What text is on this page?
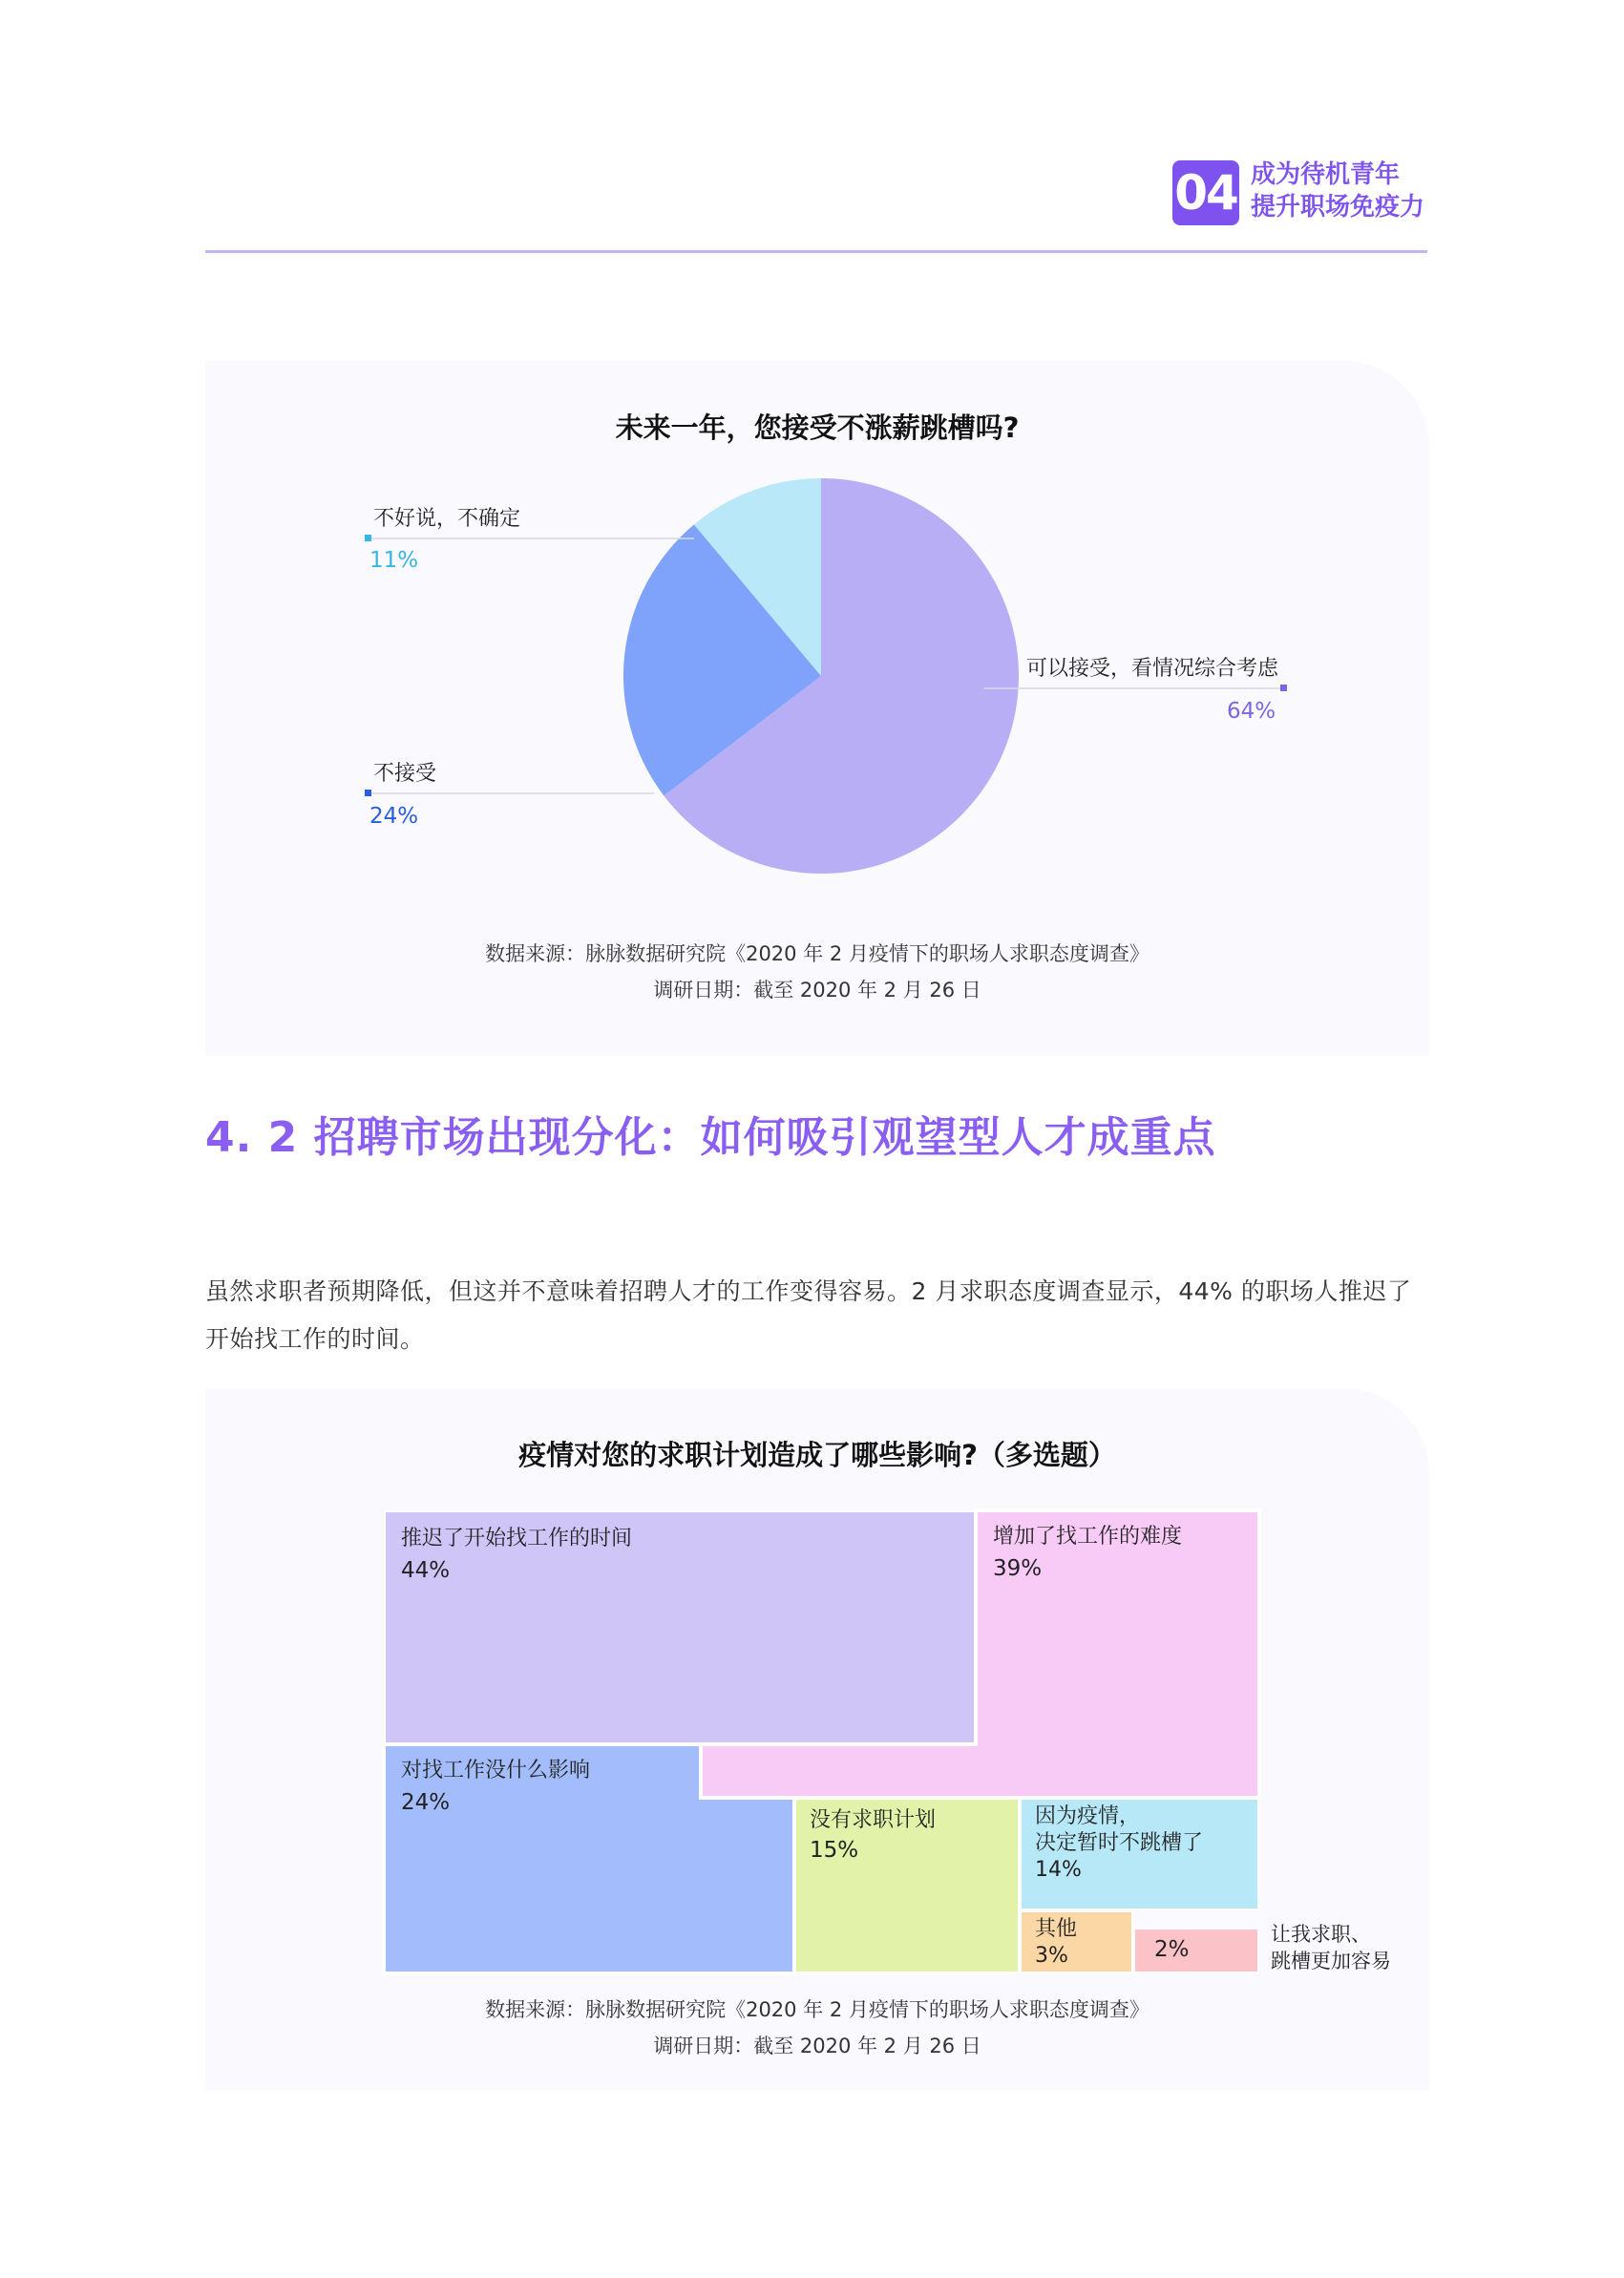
04 成为待机青年
提升职场免疫力
未来一年，您接受不涨薪跳槽吗?
不好说，不确定
11%
不接受
24%
可以接受，看情况综合考虑
64%
数据来源：脉脉数据研究院《2020 年 2 月疫情下的职场人求职态度调查》
调研日期：截至 2020 年 2 月 26 日
4. 2 招聘市场出现分化：如何吸引观望型人才成重点
虽然求职者预期降低，但这并不意味着招聘人才的工作变得容易。2 月求职态度调查显示，44% 的职场人推迟了开始找工作的时间。
疫情对您的求职计划造成了哪些影响?（多选题）
推迟了开始找工作的时间
44%
增加了找工作的难度
39%
对找工作没什么影响
24%
没有求职计划
15%
因为疫情，
决定暂时不跳槽了
14%
其他
3%	2%
让我求职、
跳槽更加容易
数据来源：脉脉数据研究院《2020 年 2 月疫情下的职场人求职态度调查》
调研日期：截至 2020 年 2 月 26 日
